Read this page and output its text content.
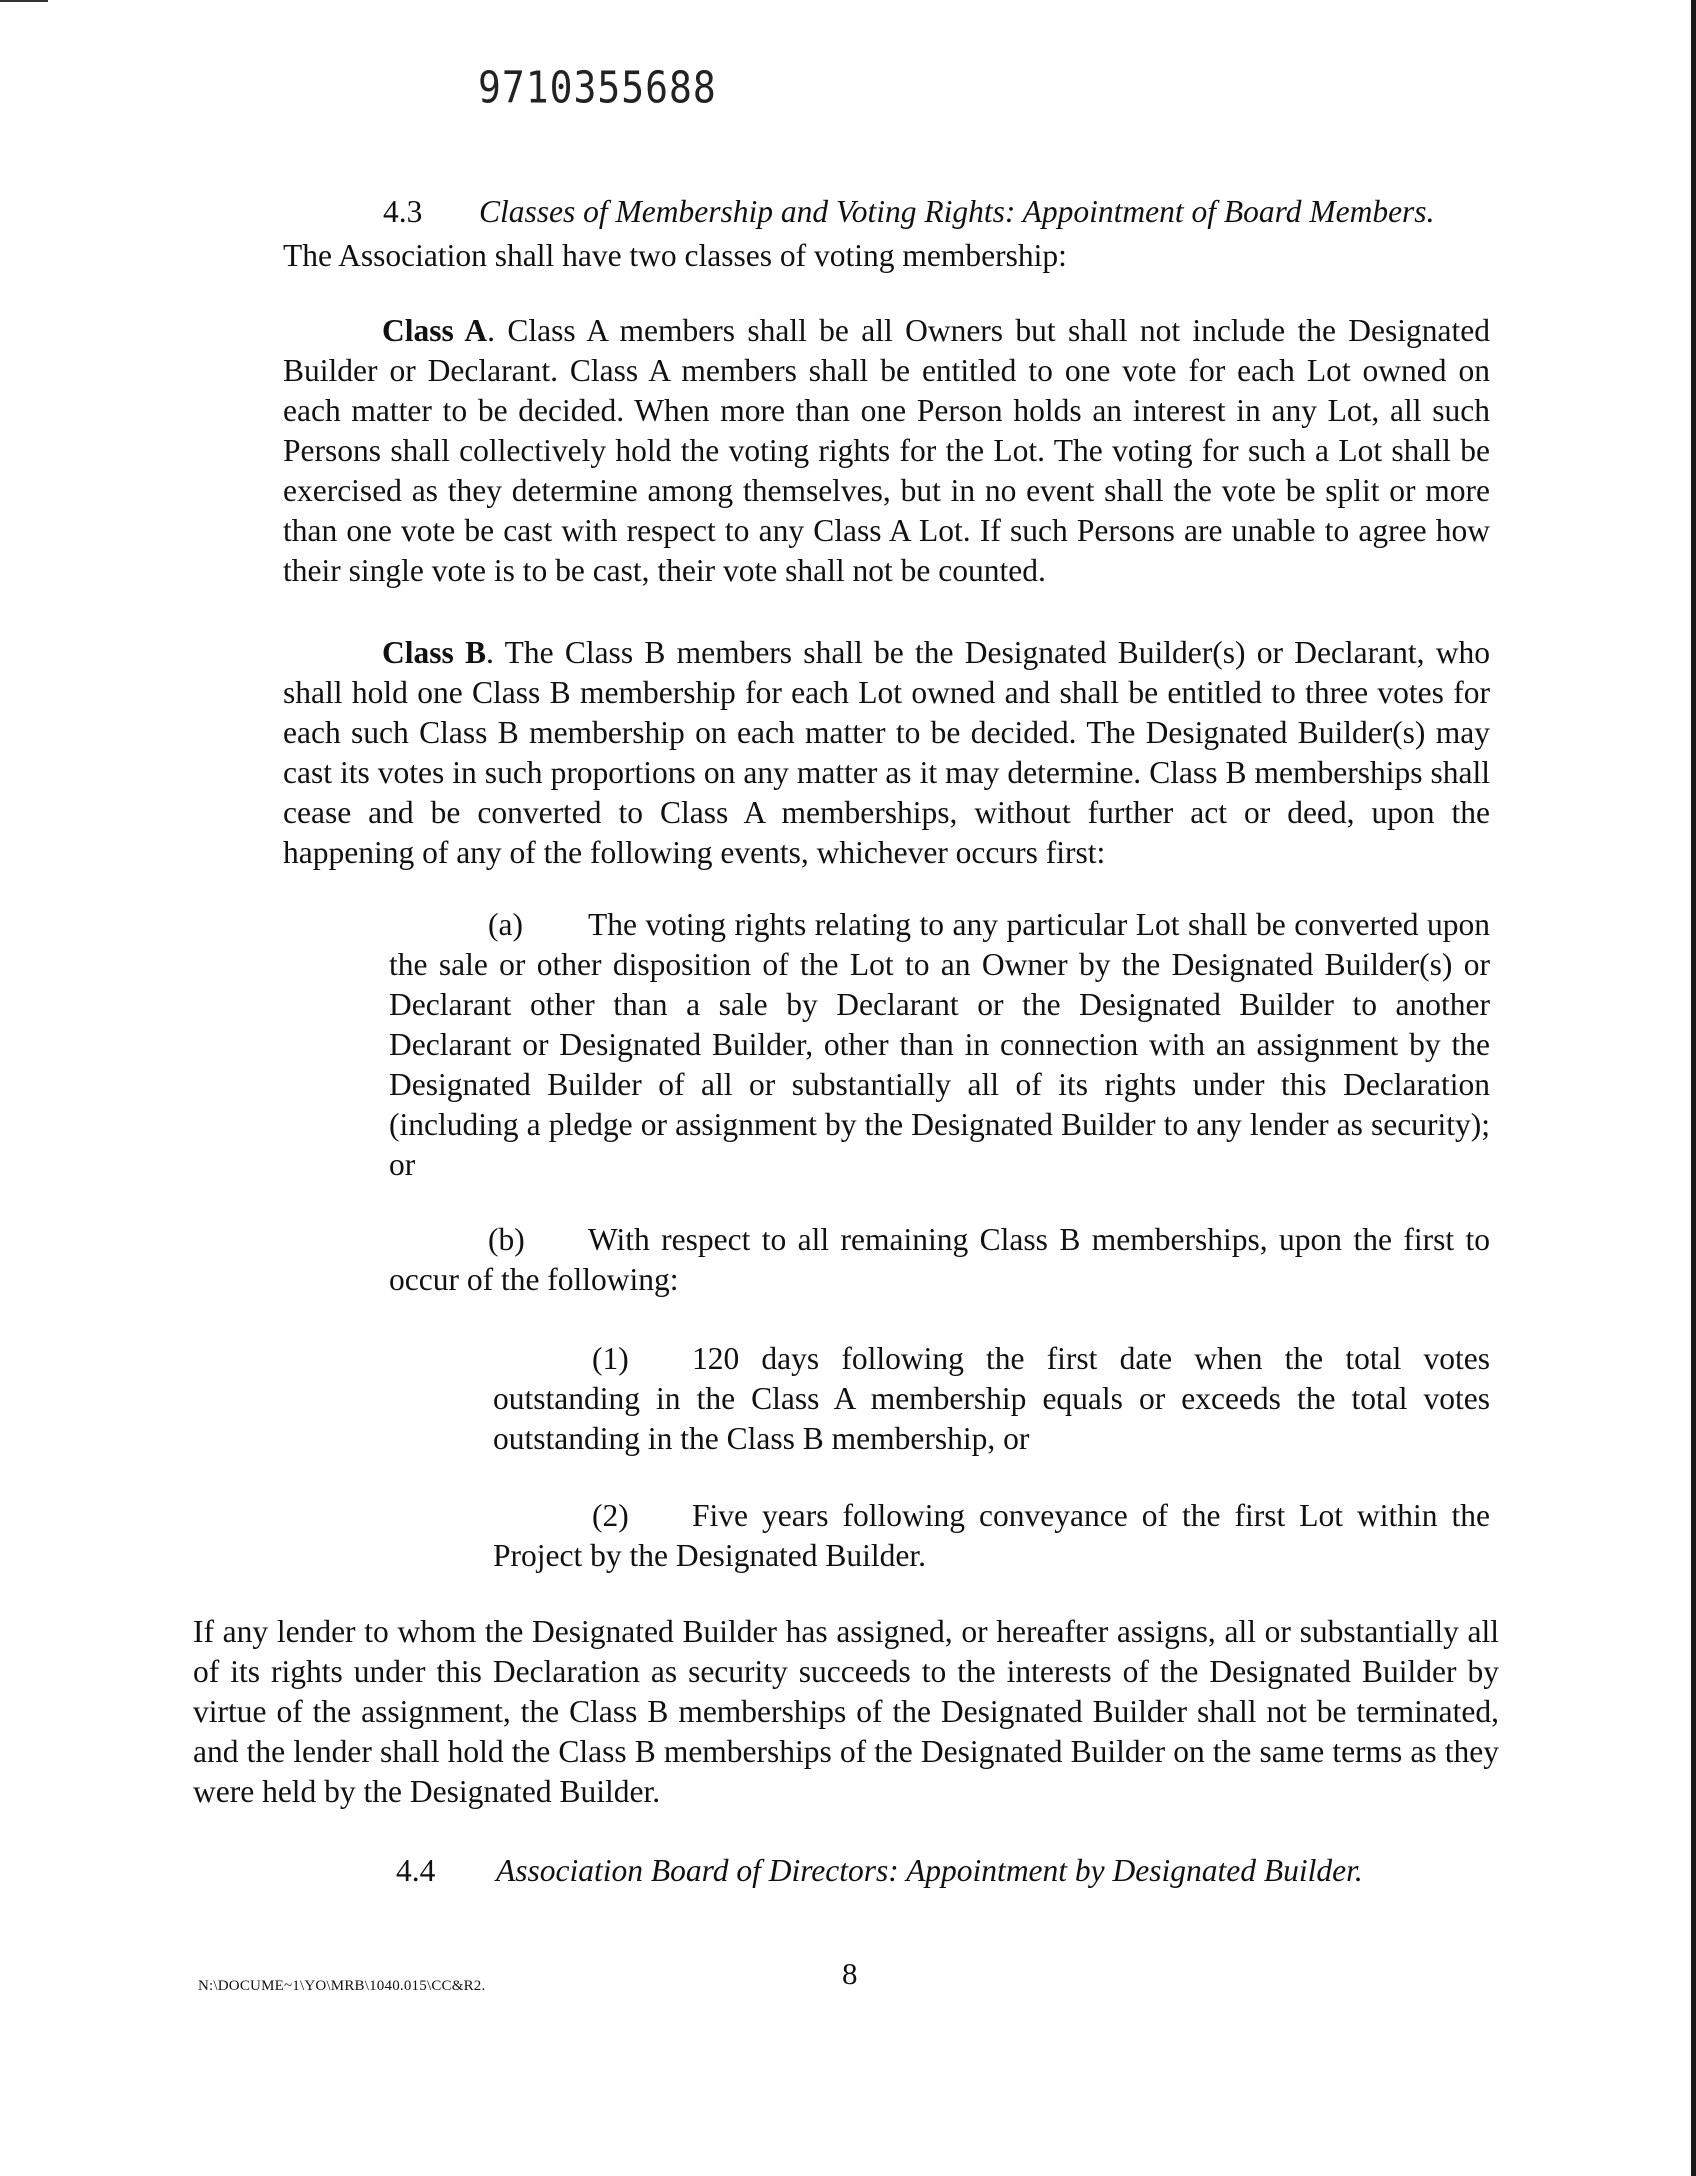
9710355688
4.3 Classes of Membership and Voting Rights: Appointment of Board Members.
The Association shall have two classes of voting membership:

Class A. Class A members shall be all Owners but shall not include the Designated Builder or Declarant. Class A members shall be entitled to one vote for each Lot owned on each matter to be decided. When more than one Person holds an interest in any Lot, all such Persons shall collectively hold the voting rights for the Lot. The voting for such a Lot shall be exercised as they determine among themselves, but in no event shall the vote be split or more than one vote be cast with respect to any Class A Lot. If such Persons are unable to agree how their single vote is to be cast, their vote shall not be counted.

Class B. The Class B members shall be the Designated Builder(s) or Declarant, who shall hold one Class B membership for each Lot owned and shall be entitled to three votes for each such Class B membership on each matter to be decided. The Designated Builder(s) may cast its votes in such proportions on any matter as it may determine. Class B memberships shall cease and be converted to Class A memberships, without further act or deed, upon the happening of any of the following events, whichever occurs first:

(a) The voting rights relating to any particular Lot shall be converted upon the sale or other disposition of the Lot to an Owner by the Designated Builder(s) or Declarant other than a sale by Declarant or the Designated Builder to another Declarant or Designated Builder, other than in connection with an assignment by the Designated Builder of all or substantially all of its rights under this Declaration (including a pledge or assignment by the Designated Builder to any lender as security); or

(b) With respect to all remaining Class B memberships, upon the first to occur of the following:

(1) 120 days following the first date when the total votes outstanding in the Class A membership equals or exceeds the total votes outstanding in the Class B membership, or

(2) Five years following conveyance of the first Lot within the Project by the Designated Builder.

If any lender to whom the Designated Builder has assigned, or hereafter assigns, all or substantially all of its rights under this Declaration as security succeeds to the interests of the Designated Builder by virtue of the assignment, the Class B memberships of the Designated Builder shall not be terminated, and the lender shall hold the Class B memberships of the Designated Builder on the same terms as they were held by the Designated Builder.

4.4 Association Board of Directors: Appointment by Designated Builder.
N:\DOCUME~1\YO\MRB\1040.015\CC&R2.	8
